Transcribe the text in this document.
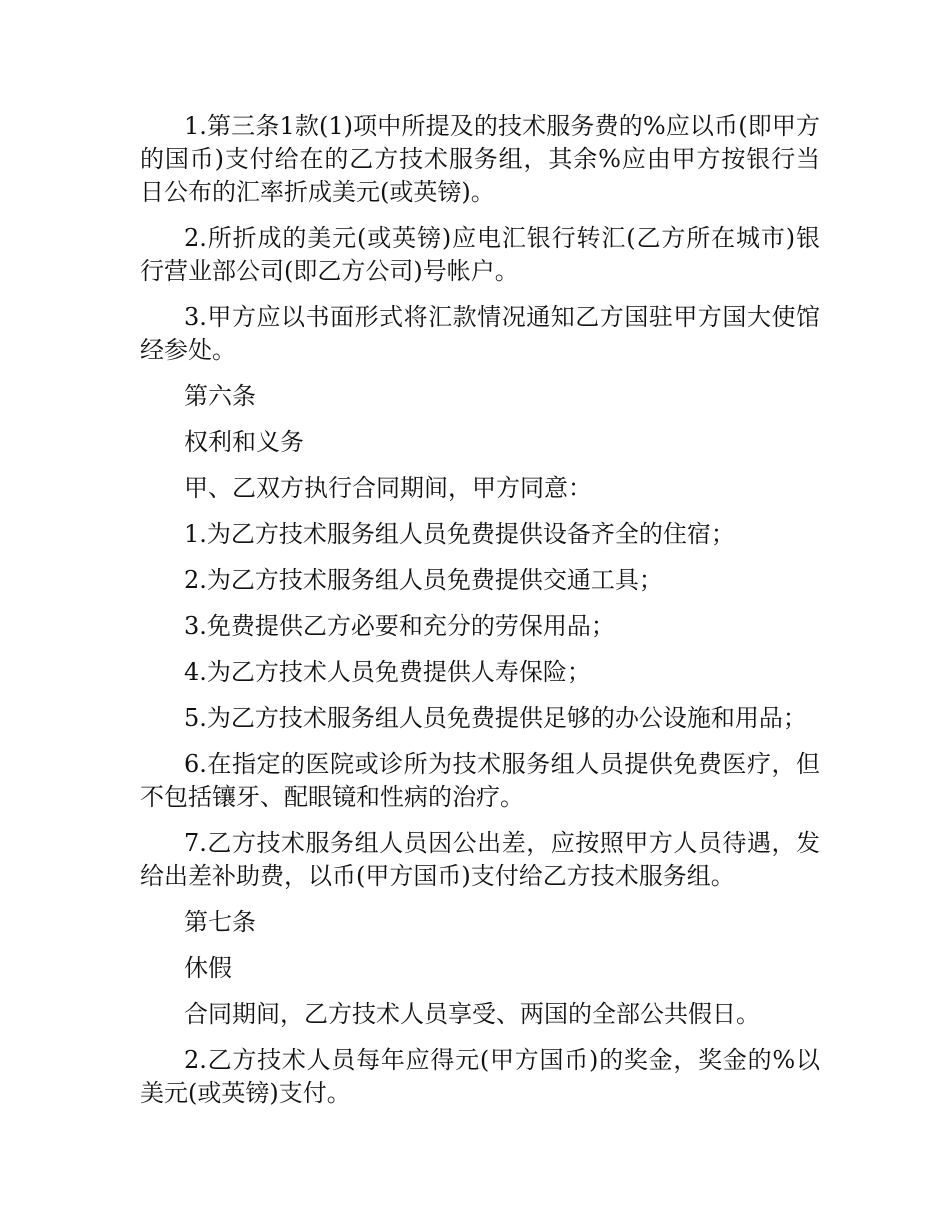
1.第三条1款(1)项中所提及的技术服务费的%应以币(即甲方的国币)支付给在的乙方技术服务组，其余%应由甲方按银行当日公布的汇率折成美元(或英镑)。

2.所折成的美元(或英镑)应电汇银行转汇(乙方所在城市)银行营业部公司(即乙方公司)号帐户。

3.甲方应以书面形式将汇款情况通知乙方国驻甲方国大使馆经参处。

第六条

权利和义务

甲、乙双方执行合同期间，甲方同意：

1.为乙方技术服务组人员免费提供设备齐全的住宿；

2.为乙方技术服务组人员免费提供交通工具；

3.免费提供乙方必要和充分的劳保用品；

4.为乙方技术人员免费提供人寿保险；

5.为乙方技术服务组人员免费提供足够的办公设施和用品；

6.在指定的医院或诊所为技术服务组人员提供免费医疗，但不包括镶牙、配眼镜和性病的治疗。

7.乙方技术服务组人员因公出差，应按照甲方人员待遇，发给出差补助费，以币(甲方国币)支付给乙方技术服务组。

第七条

休假

合同期间，乙方技术人员享受、两国的全部公共假日。

2.乙方技术人员每年应得元(甲方国币)的奖金，奖金的%以美元(或英镑)支付。
